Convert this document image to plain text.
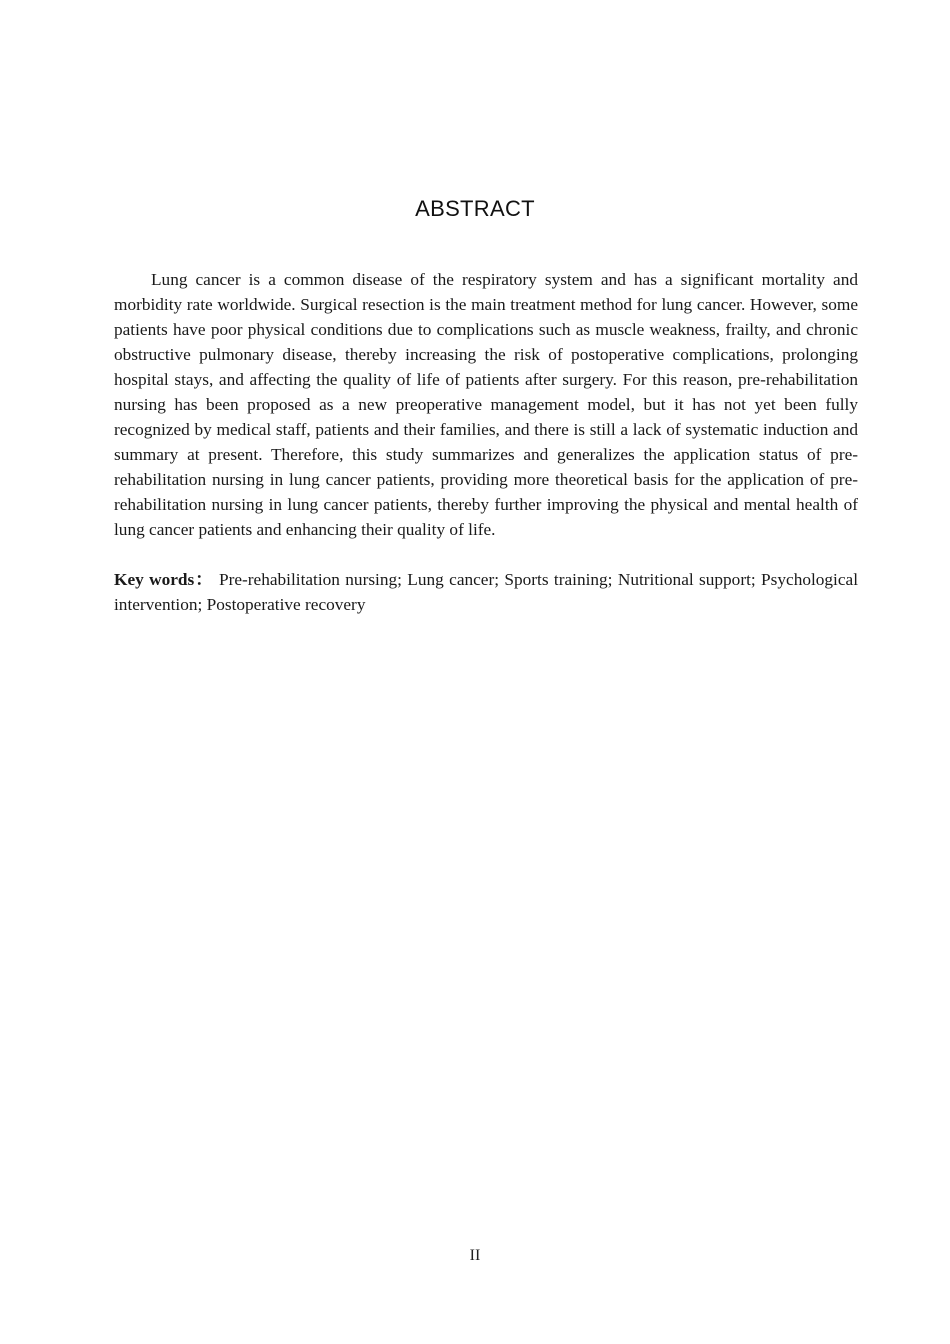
ABSTRACT

Lung cancer is a common disease of the respiratory system and has a significant mortality and morbidity rate worldwide. Surgical resection is the main treatment method for lung cancer. However, some patients have poor physical conditions due to complications such as muscle weakness, frailty, and chronic obstructive pulmonary disease, thereby increasing the risk of postoperative complications, prolonging hospital stays, and affecting the quality of life of patients after surgery. For this reason, pre-rehabilitation nursing has been proposed as a new preoperative management model, but it has not yet been fully recognized by medical staff, patients and their families, and there is still a lack of systematic induction and summary at present. Therefore, this study summarizes and generalizes the application status of pre-rehabilitation nursing in lung cancer patients, providing more theoretical basis for the application of pre-rehabilitation nursing in lung cancer patients, thereby further improving the physical and mental health of lung cancer patients and enhancing their quality of life.

Key words： Pre-rehabilitation nursing; Lung cancer; Sports training; Nutritional support; Psychological intervention; Postoperative recovery

II
